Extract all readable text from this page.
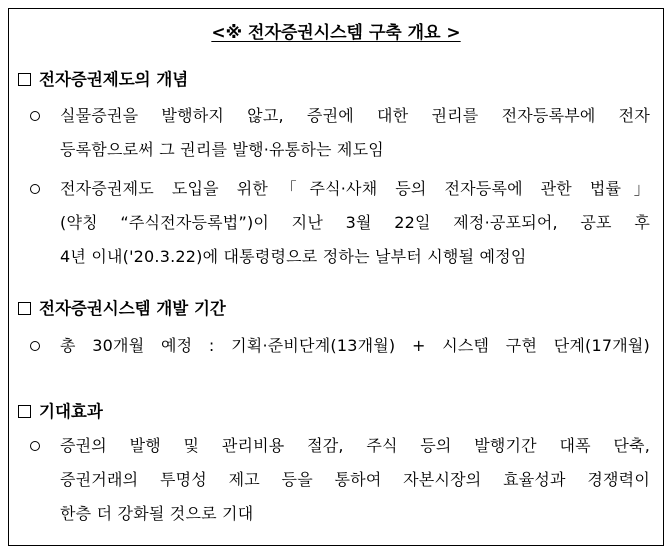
<※ 전자증권시스템 구축 개요 >
전자증권제도의 개념
실물증권을 발행하지 않고, 증권에 대한 권리를 전자등록부에 전자
등록함으로써 그 권리를 발행·유통하는 제도임
전자증권제도 도입을 위한「주식·사채 등의 전자등록에 관한 법률」
(약칭 “주식전자등록법”)이 지난 3월 22일 제정·공포되어, 공포 후
4년 이내('20.3.22)에 대통령령으로 정하는 날부터 시행될 예정임
전자증권시스템 개발 기간
총 30개월 예정 : 기획·준비단계(13개월) + 시스템 구현 단계(17개월)
기대효과
증권의 발행 및 관리비용 절감, 주식 등의 발행기간 대폭 단축,
증권거래의 투명성 제고 등을 통하여 자본시장의 효율성과 경쟁력이
한층 더 강화될 것으로 기대
